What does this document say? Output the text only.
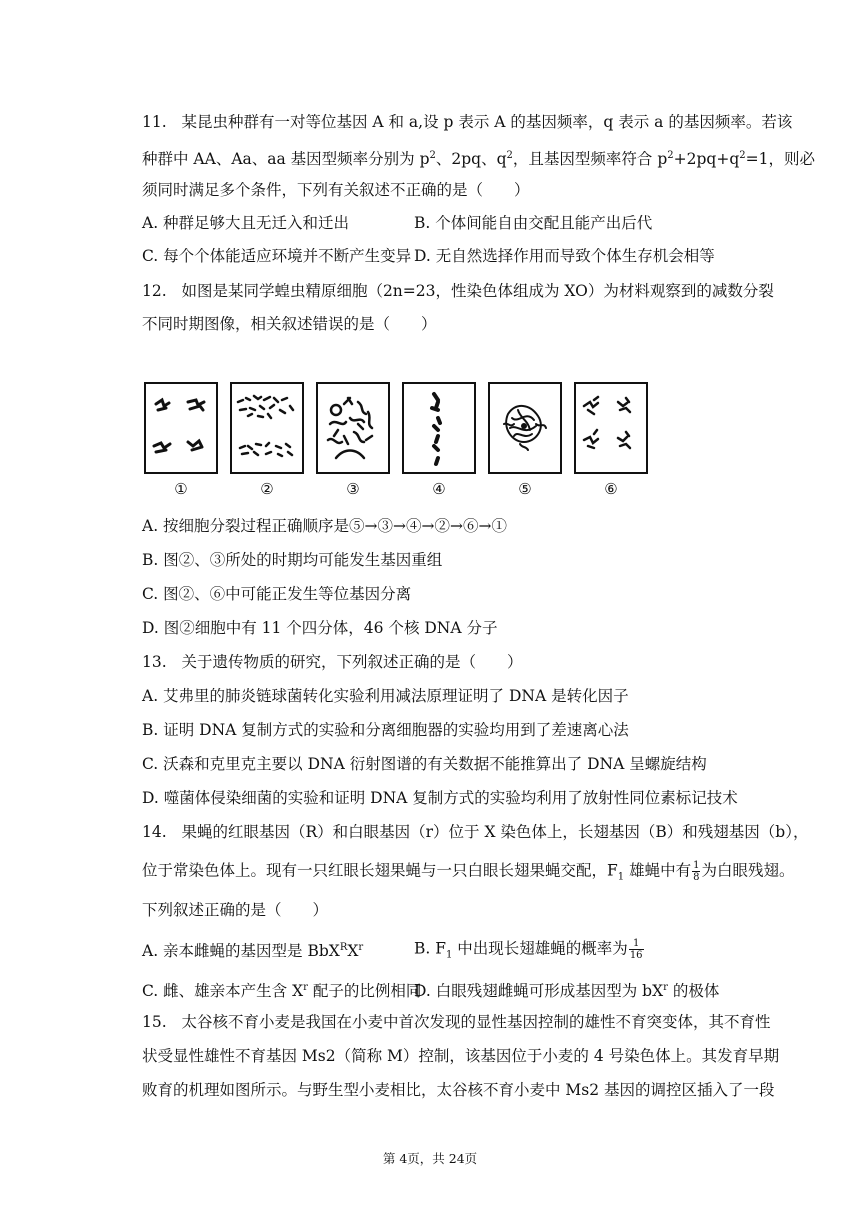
11. 某昆虫种群有一对等位基因 A 和 a,设 p 表示 A 的基因频率，q 表示 a 的基因频率。若该
种群中 AA、Aa、aa 基因型频率分别为 $p^2$、2pq、$q^2$，且基因型频率符合 $p^2+2pq+q^2=1$，则必
须同时满足多个条件，下列有关叙述不正确的是（　　）
A. 种群足够大且无迁入和迁出	B. 个体间能自由交配且能产出后代
C. 每个个体能适应环境并不断产生变异 D. 无自然选择作用而导致个体生存机会相等
12. 如图是某同学蝗虫精原细胞（2n=23，性染色体组成为 XO）为材料观察到的减数分裂
不同时期图像，相关叙述错误的是（　　）
①	②	③	④	⑤	⑥
A. 按细胞分裂过程正确顺序是⑤→③→④→②→⑥→①
B. 图②、③所处的时期均可能发生基因重组
C. 图②、⑥中可能正发生等位基因分离
D. 图②细胞中有 11 个四分体，46 个核 DNA 分子
13. 关于遗传物质的研究，下列叙述正确的是（　　）
A. 艾弗里的肺炎链球菌转化实验利用减法原理证明了 DNA 是转化因子
B. 证明 DNA 复制方式的实验和分离细胞器的实验均用到了差速离心法
C. 沃森和克里克主要以 DNA 衍射图谱的有关数据不能推算出了 DNA 呈螺旋结构
D. 噬菌体侵染细菌的实验和证明 DNA 复制方式的实验均利用了放射性同位素标记技术
14. 果蝇的红眼基因（R）和白眼基因（r）位于 X 染色体上，长翅基因（B）和残翅基因（b），
位于常染色体上。现有一只红眼长翅果蝇与一只白眼长翅果蝇交配，$F_1$ 雄蝇中有 $\frac{1}{8}$ 为白眼残翅。
下列叙述正确的是（　　）
A. 亲本雌蝇的基因型是 $BbX^RX^r$	B. $F_1$ 中出现长翅雄蝇的概率为 $\frac{1}{16}$
C. 雌、雄亲本产生含 $X^r$ 配子的比例相同
D. 白眼残翅雌蝇可形成基因型为 $bX^r$ 的极体
15. 太谷核不育小麦是我国在小麦中首次发现的显性基因控制的雄性不育突变体，其不育性
状受显性雄性不育基因 Ms2（简称 M）控制，该基因位于小麦的 4 号染色体上。其发育早期
败育的机理如图所示。与野生型小麦相比，太谷核不育小麦中 Ms2 基因的调控区插入了一段
第 4页，共 24页
